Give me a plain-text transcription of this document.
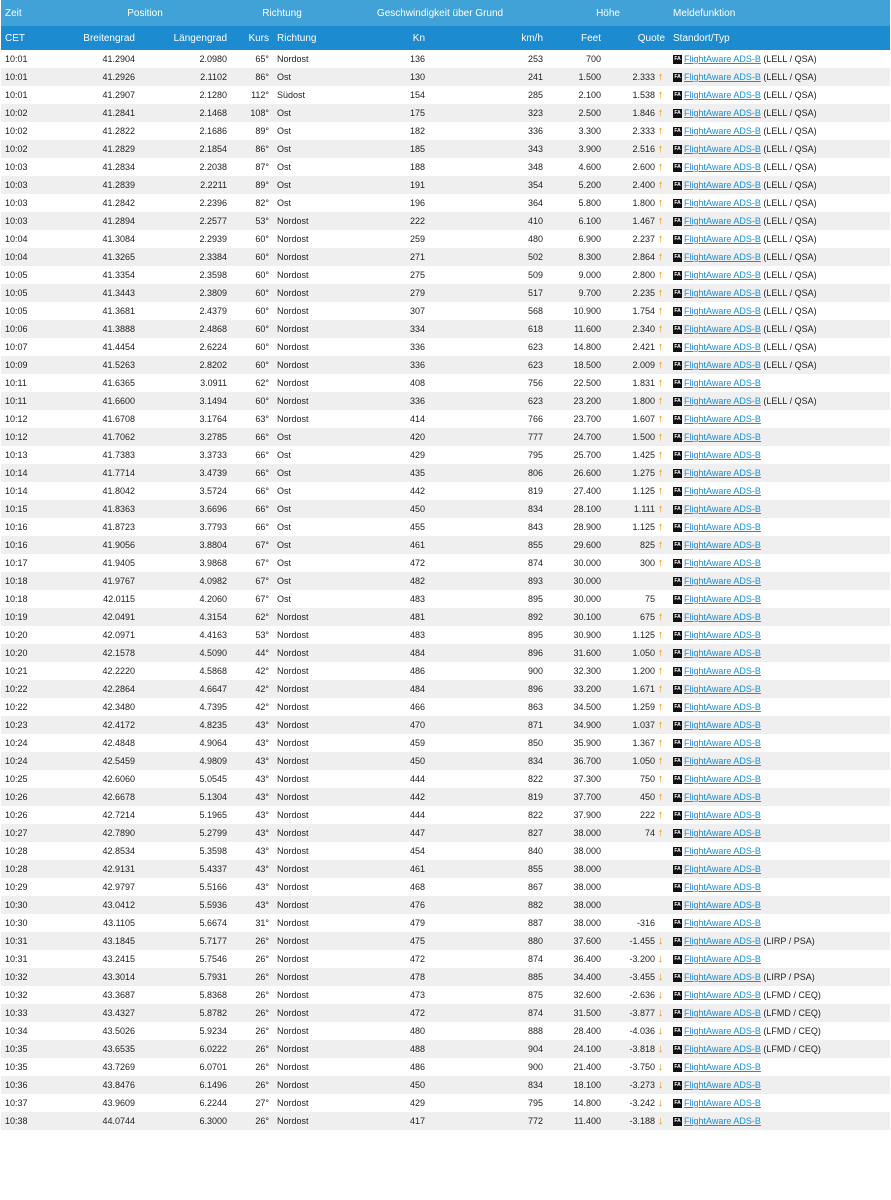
Zeit	Position		Richtung		Geschwindigkeit über Grund		Höhe		Meldefunktion
CET	Breitengrad	Längengrad	Kurs	Richtung	Kn	km/h	Feet	Quote	Standort/Typ
10:01	41.2904	2.0980	65°	Nordost	136	253	700		FA FlightAware ADS-B (LELL / QSA)
10:01	41.2926	2.1102	86°	Ost	130	241	1.500	2.333 ↑	FA FlightAware ADS-B (LELL / QSA)
10:01	41.2907	2.1280	112°	Südost	154	285	2.100	1.538 ↑	FA FlightAware ADS-B (LELL / QSA)
10:02	41.2841	2.1468	108°	Ost	175	323	2.500	1.846 ↑	FA FlightAware ADS-B (LELL / QSA)
10:02	41.2822	2.1686	89°	Ost	182	336	3.300	2.333 ↑	FA FlightAware ADS-B (LELL / QSA)
10:02	41.2829	2.1854	86°	Ost	185	343	3.900	2.516 ↑	FA FlightAware ADS-B (LELL / QSA)
10:03	41.2834	2.2038	87°	Ost	188	348	4.600	2.600 ↑	FA FlightAware ADS-B (LELL / QSA)
10:03	41.2839	2.2211	89°	Ost	191	354	5.200	2.400 ↑	FA FlightAware ADS-B (LELL / QSA)
10:03	41.2842	2.2396	82°	Ost	196	364	5.800	1.800 ↑	FA FlightAware ADS-B (LELL / QSA)
10:03	41.2894	2.2577	53°	Nordost	222	410	6.100	1.467 ↑	FA FlightAware ADS-B (LELL / QSA)
10:04	41.3084	2.2939	60°	Nordost	259	480	6.900	2.237 ↑	FA FlightAware ADS-B (LELL / QSA)
10:04	41.3265	2.3384	60°	Nordost	271	502	8.300	2.864 ↑	FA FlightAware ADS-B (LELL / QSA)
10:05	41.3354	2.3598	60°	Nordost	275	509	9.000	2.800 ↑	FA FlightAware ADS-B (LELL / QSA)
10:05	41.3443	2.3809	60°	Nordost	279	517	9.700	2.235 ↑	FA FlightAware ADS-B (LELL / QSA)
10:05	41.3681	2.4379	60°	Nordost	307	568	10.900	1.754 ↑	FA FlightAware ADS-B (LELL / QSA)
10:06	41.3888	2.4868	60°	Nordost	334	618	11.600	2.340 ↑	FA FlightAware ADS-B (LELL / QSA)
10:07	41.4454	2.6224	60°	Nordost	336	623	14.800	2.421 ↑	FA FlightAware ADS-B (LELL / QSA)
10:09	41.5263	2.8202	60°	Nordost	336	623	18.500	2.009 ↑	FA FlightAware ADS-B (LELL / QSA)
10:11	41.6365	3.0911	62°	Nordost	408	756	22.500	1.831 ↑	FA FlightAware ADS-B
10:11	41.6600	3.1494	60°	Nordost	336	623	23.200	1.800 ↑	FA FlightAware ADS-B (LELL / QSA)
10:12	41.6708	3.1764	63°	Nordost	414	766	23.700	1.607 ↑	FA FlightAware ADS-B
10:12	41.7062	3.2785	66°	Ost	420	777	24.700	1.500 ↑	FA FlightAware ADS-B
10:13	41.7383	3.3733	66°	Ost	429	795	25.700	1.425 ↑	FA FlightAware ADS-B
10:14	41.7714	3.4739	66°	Ost	435	806	26.600	1.275 ↑	FA FlightAware ADS-B
10:14	41.8042	3.5724	66°	Ost	442	819	27.400	1.125 ↑	FA FlightAware ADS-B
10:15	41.8363	3.6696	66°	Ost	450	834	28.100	1.111 ↑	FA FlightAware ADS-B
10:16	41.8723	3.7793	66°	Ost	455	843	28.900	1.125 ↑	FA FlightAware ADS-B
10:16	41.9056	3.8804	67°	Ost	461	855	29.600	825 ↑	FA FlightAware ADS-B
10:17	41.9405	3.9868	67°	Ost	472	874	30.000	300 ↑	FA FlightAware ADS-B
10:18	41.9767	4.0982	67°	Ost	482	893	30.000		FA FlightAware ADS-B
10:18	42.0115	4.2060	67°	Ost	483	895	30.000	75	FA FlightAware ADS-B
10:19	42.0491	4.3154	62°	Nordost	481	892	30.100	675 ↑	FA FlightAware ADS-B
10:20	42.0971	4.4163	53°	Nordost	483	895	30.900	1.125 ↑	FA FlightAware ADS-B
10:20	42.1578	4.5090	44°	Nordost	484	896	31.600	1.050 ↑	FA FlightAware ADS-B
10:21	42.2220	4.5868	42°	Nordost	486	900	32.300	1.200 ↑	FA FlightAware ADS-B
10:22	42.2864	4.6647	42°	Nordost	484	896	33.200	1.671 ↑	FA FlightAware ADS-B
10:22	42.3480	4.7395	42°	Nordost	466	863	34.500	1.259 ↑	FA FlightAware ADS-B
10:23	42.4172	4.8235	43°	Nordost	470	871	34.900	1.037 ↑	FA FlightAware ADS-B
10:24	42.4848	4.9064	43°	Nordost	459	850	35.900	1.367 ↑	FA FlightAware ADS-B
10:24	42.5459	4.9809	43°	Nordost	450	834	36.700	1.050 ↑	FA FlightAware ADS-B
10:25	42.6060	5.0545	43°	Nordost	444	822	37.300	750 ↑	FA FlightAware ADS-B
10:26	42.6678	5.1304	43°	Nordost	442	819	37.700	450 ↑	FA FlightAware ADS-B
10:26	42.7214	5.1965	43°	Nordost	444	822	37.900	222 ↑	FA FlightAware ADS-B
10:27	42.7890	5.2799	43°	Nordost	447	827	38.000	74 ↑	FA FlightAware ADS-B
10:28	42.8534	5.3598	43°	Nordost	454	840	38.000		FA FlightAware ADS-B
10:28	42.9131	5.4337	43°	Nordost	461	855	38.000		FA FlightAware ADS-B
10:29	42.9797	5.5166	43°	Nordost	468	867	38.000		FA FlightAware ADS-B
10:30	43.0412	5.5936	43°	Nordost	476	882	38.000		FA FlightAware ADS-B
10:30	43.1105	5.6674	31°	Nordost	479	887	38.000	-316	FA FlightAware ADS-B
10:31	43.1845	5.7177	26°	Nordost	475	880	37.600	-1.455 ↓	FA FlightAware ADS-B (LIRP / PSA)
10:31	43.2415	5.7546	26°	Nordost	472	874	36.400	-3.200 ↓	FA FlightAware ADS-B
10:32	43.3014	5.7931	26°	Nordost	478	885	34.400	-3.455 ↓	FA FlightAware ADS-B (LIRP / PSA)
10:32	43.3687	5.8368	26°	Nordost	473	875	32.600	-2.636 ↓	FA FlightAware ADS-B (LFMD / CEQ)
10:33	43.4327	5.8782	26°	Nordost	472	874	31.500	-3.877 ↓	FA FlightAware ADS-B (LFMD / CEQ)
10:34	43.5026	5.9234	26°	Nordost	480	888	28.400	-4.036 ↓	FA FlightAware ADS-B (LFMD / CEQ)
10:35	43.6535	6.0222	26°	Nordost	488	904	24.100	-3.818 ↓	FA FlightAware ADS-B (LFMD / CEQ)
10:35	43.7269	6.0701	26°	Nordost	486	900	21.400	-3.750 ↓	FA FlightAware ADS-B
10:36	43.8476	6.1496	26°	Nordost	450	834	18.100	-3.273 ↓	FA FlightAware ADS-B
10:37	43.9609	6.2244	27°	Nordost	429	795	14.800	-3.242 ↓	FA FlightAware ADS-B
10:38	44.0744	6.3000	26°	Nordost	417	772	11.400	-3.188 ↓	FA FlightAware ADS-B
